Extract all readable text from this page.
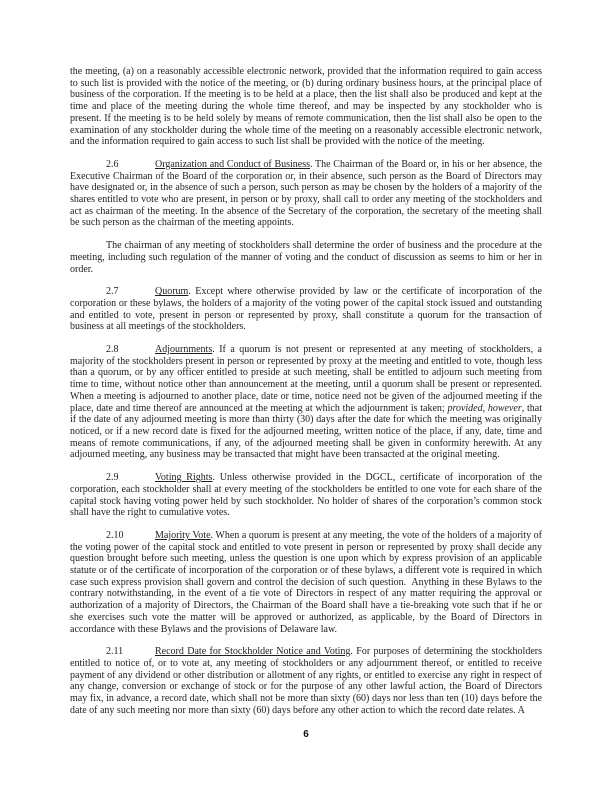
the meeting, (a) on a reasonably accessible electronic network, provided that the information required to gain access to such list is provided with the notice of the meeting, or (b) during ordinary business hours, at the principal place of business of the corporation. If the meeting is to be held at a place, then the list shall also be produced and kept at the time and place of the meeting during the whole time thereof, and may be inspected by any stockholder who is present. If the meeting is to be held solely by means of remote communication, then the list shall also be open to the examination of any stockholder during the whole time of the meeting on a reasonably accessible electronic network, and the information required to gain access to such list shall be provided with the notice of the meeting.
2.6	Organization and Conduct of Business. The Chairman of the Board or, in his or her absence, the Executive Chairman of the Board of the corporation or, in their absence, such person as the Board of Directors may have designated or, in the absence of such a person, such person as may be chosen by the holders of a majority of the shares entitled to vote who are present, in person or by proxy, shall call to order any meeting of the stockholders and act as chairman of the meeting. In the absence of the Secretary of the corporation, the secretary of the meeting shall be such person as the chairman of the meeting appoints.
The chairman of any meeting of stockholders shall determine the order of business and the procedure at the meeting, including such regulation of the manner of voting and the conduct of discussion as seems to him or her in order.
2.7	Quorum. Except where otherwise provided by law or the certificate of incorporation of the corporation or these bylaws, the holders of a majority of the voting power of the capital stock issued and outstanding and entitled to vote, present in person or represented by proxy, shall constitute a quorum for the transaction of business at all meetings of the stockholders.
2.8	Adjournments. If a quorum is not present or represented at any meeting of stockholders, a majority of the stockholders present in person or represented by proxy at the meeting and entitled to vote, though less than a quorum, or by any officer entitled to preside at such meeting, shall be entitled to adjourn such meeting from time to time, without notice other than announcement at the meeting, until a quorum shall be present or represented. When a meeting is adjourned to another place, date or time, notice need not be given of the adjourned meeting if the place, date and time thereof are announced at the meeting at which the adjournment is taken; provided, however, that if the date of any adjourned meeting is more than thirty (30) days after the date for which the meeting was originally noticed, or if a new record date is fixed for the adjourned meeting, written notice of the place, if any, date, time and means of remote communications, if any, of the adjourned meeting shall be given in conformity herewith. At any adjourned meeting, any business may be transacted that might have been transacted at the original meeting.
2.9	Voting Rights. Unless otherwise provided in the DGCL, certificate of incorporation of the corporation, each stockholder shall at every meeting of the stockholders be entitled to one vote for each share of the capital stock having voting power held by such stockholder. No holder of shares of the corporation’s common stock shall have the right to cumulative votes.
2.10	Majority Vote. When a quorum is present at any meeting, the vote of the holders of a majority of the voting power of the capital stock and entitled to vote present in person or represented by proxy shall decide any question brought before such meeting, unless the question is one upon which by express provision of an applicable statute or of the certificate of incorporation of the corporation or of these bylaws, a different vote is required in which case such express provision shall govern and control the decision of such question.  Anything in these Bylaws to the contrary notwithstanding, in the event of a tie vote of Directors in respect of any matter requiring the approval or authorization of a majority of Directors, the Chairman of the Board shall have a tie-breaking vote such that if he or she exercises such vote the matter will be approved or authorized, as applicable, by the Board of Directors in accordance with these Bylaws and the provisions of Delaware law.
2.11	Record Date for Stockholder Notice and Voting. For purposes of determining the stockholders entitled to notice of, or to vote at, any meeting of stockholders or any adjournment thereof, or entitled to receive payment of any dividend or other distribution or allotment of any rights, or entitled to exercise any right in respect of any change, conversion or exchange of stock or for the purpose of any other lawful action, the Board of Directors may fix, in advance, a record date, which shall not be more than sixty (60) days nor less than ten (10) days before the date of any such meeting nor more than sixty (60) days before any other action to which the record date relates. A
6
